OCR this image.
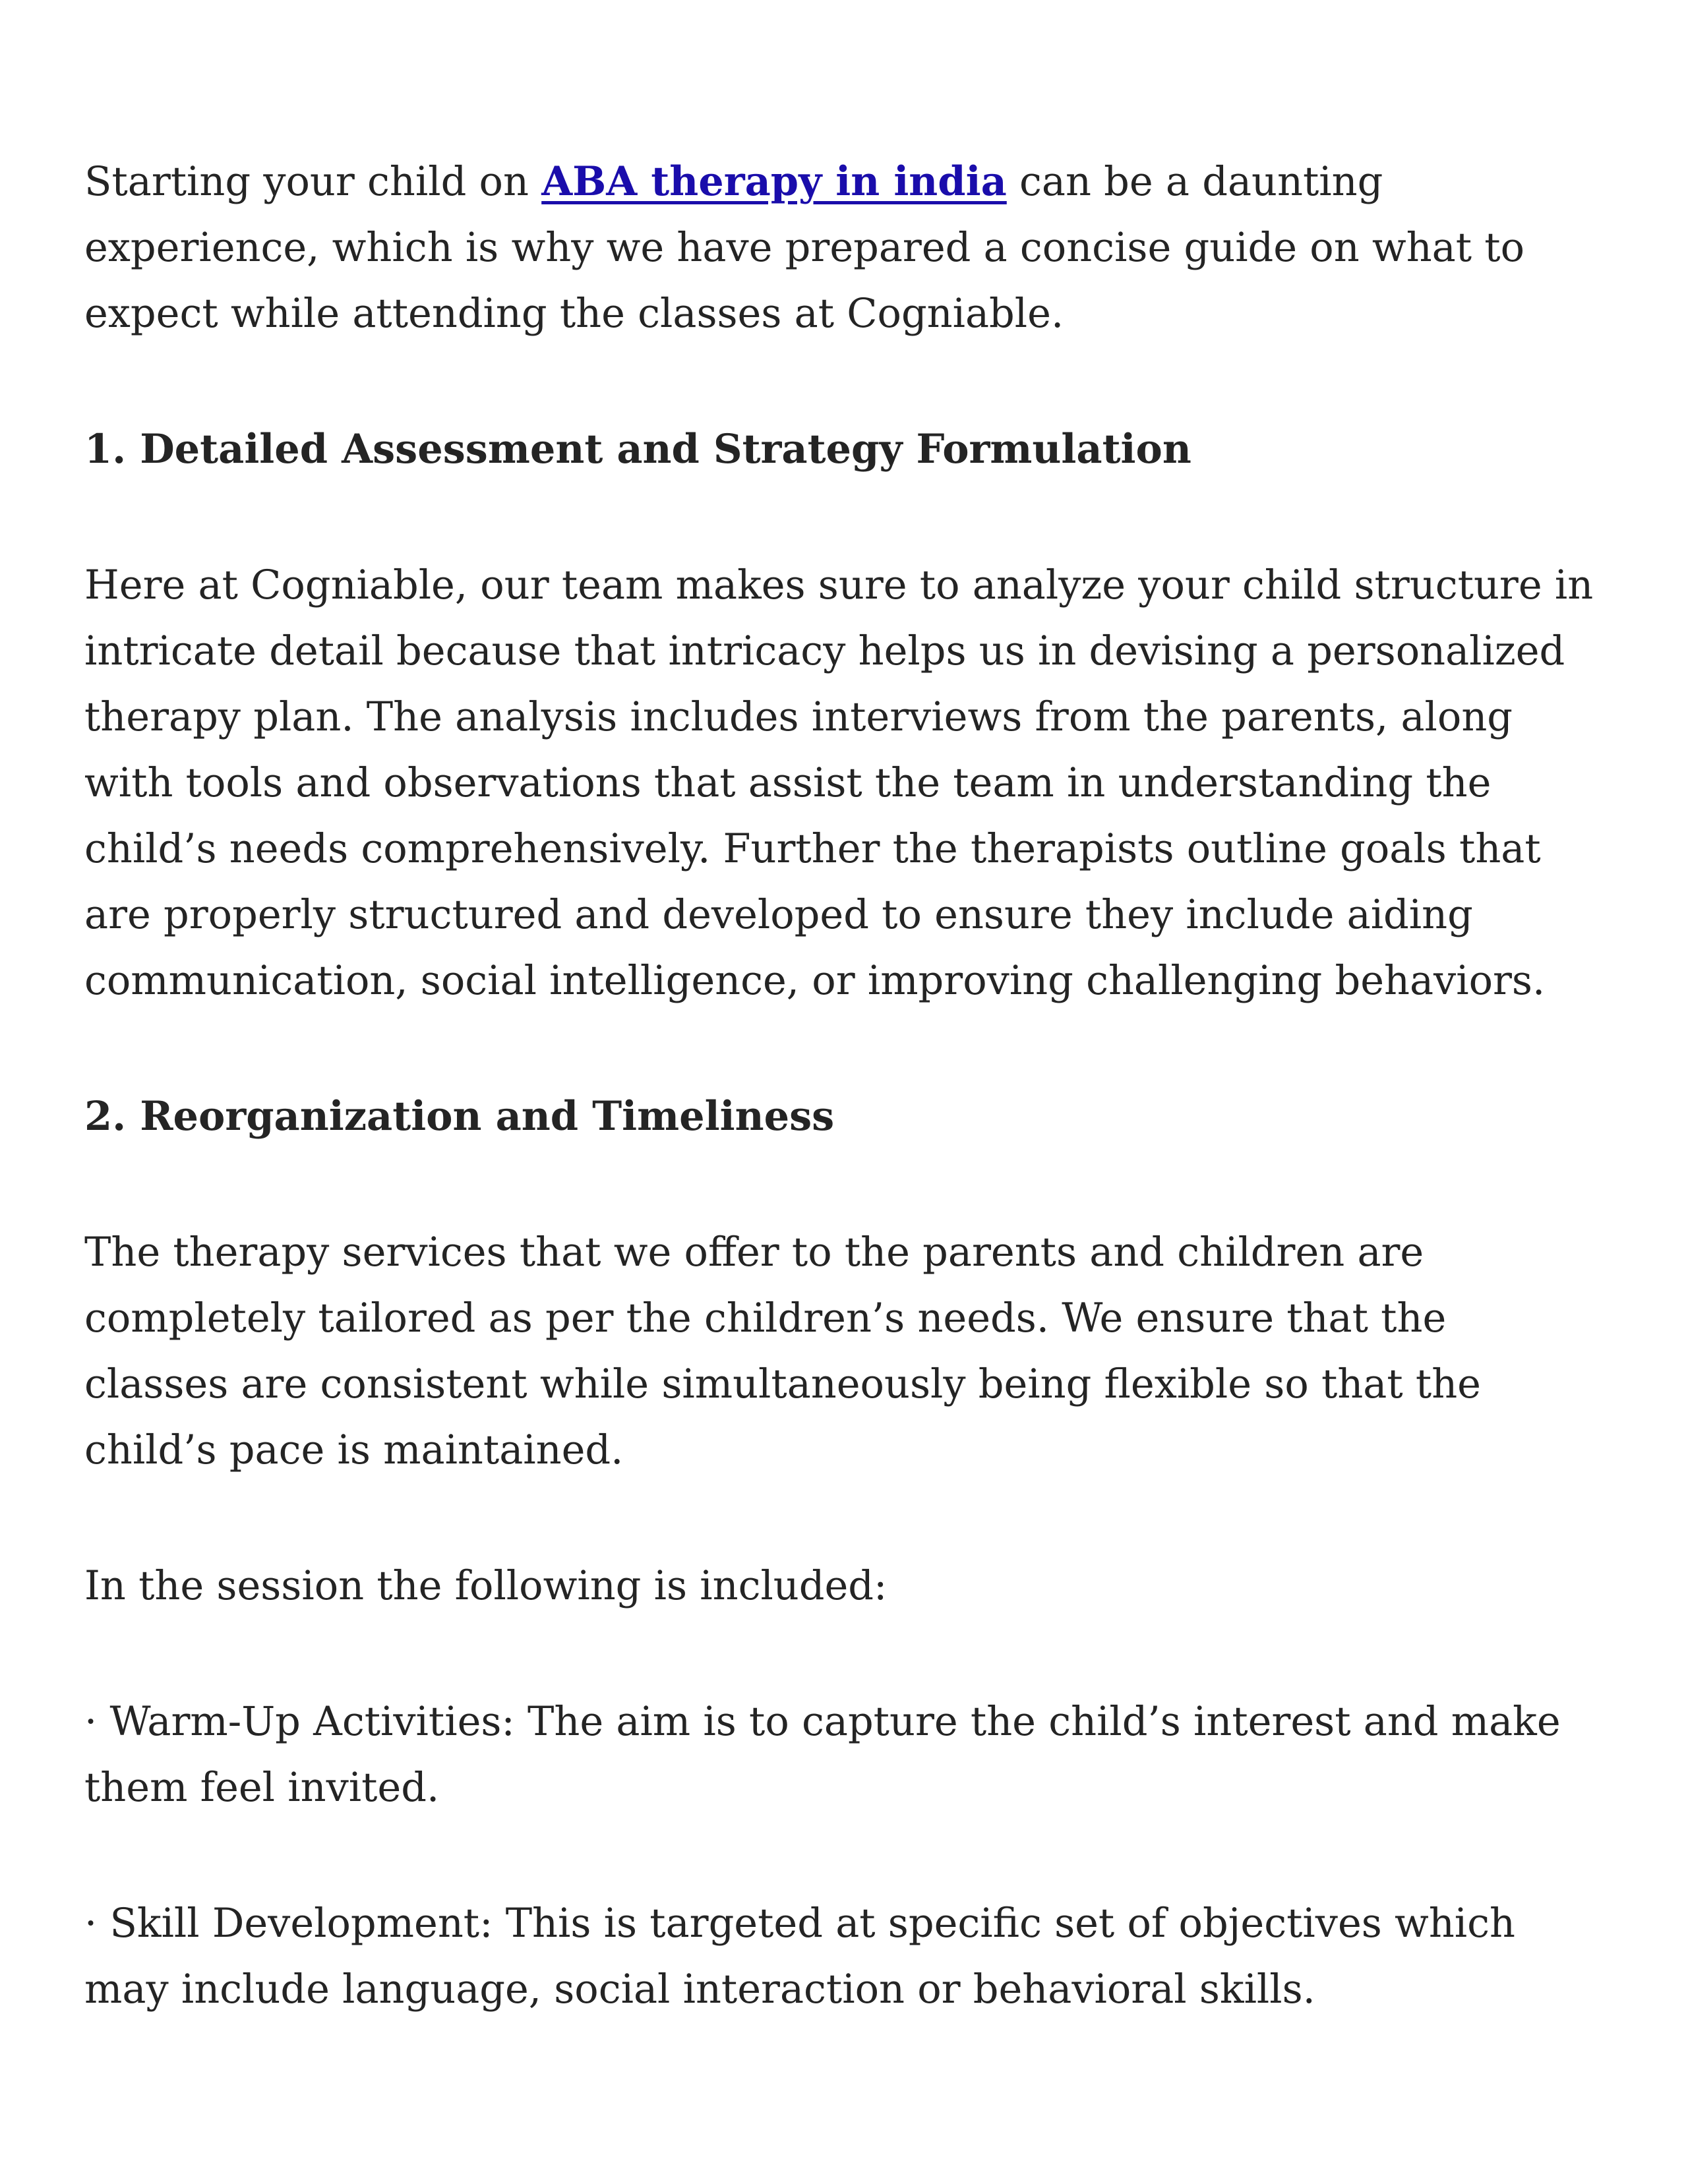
Starting your child on ABA therapy in india can be a daunting experience, which is why we have prepared a concise guide on what to expect while attending the classes at Cogniable.

1. Detailed Assessment and Strategy Formulation

Here at Cogniable, our team makes sure to analyze your child structure in intricate detail because that intricacy helps us in devising a personalized therapy plan. The analysis includes interviews from the parents, along with tools and observations that assist the team in understanding the child’s needs comprehensively. Further the therapists outline goals that are properly structured and developed to ensure they include aiding communication, social intelligence, or improving challenging behaviors.

2. Reorganization and Timeliness

The therapy services that we offer to the parents and children are completely tailored as per the children’s needs. We ensure that the classes are consistent while simultaneously being flexible so that the child’s pace is maintained.

In the session the following is included:

· Warm-Up Activities: The aim is to capture the child’s interest and make them feel invited.

· Skill Development: This is targeted at specific set of objectives which may include language, social interaction or behavioral skills.
